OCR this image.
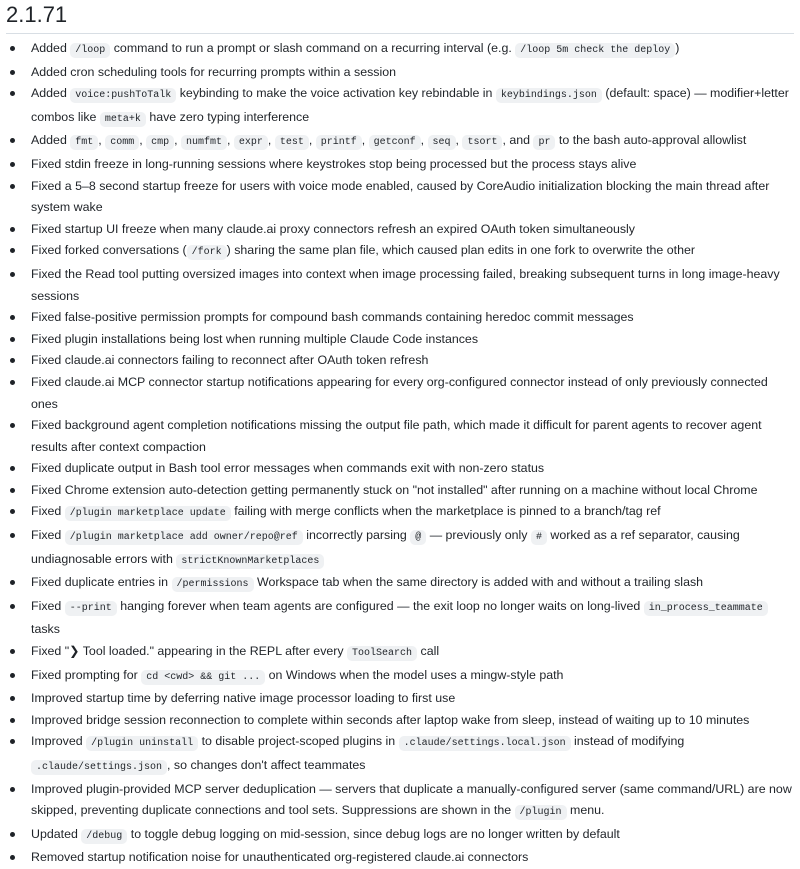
2.1.71
Added /loop command to run a prompt or slash command on a recurring interval (e.g. /loop 5m check the deploy )
Added cron scheduling tools for recurring prompts within a session
Added voice:pushToTalk keybinding to make the voice activation key rebindable in keybindings.json (default: space) — modifier+letter combos like meta+k have zero typing interference
Added fmt , comm , cmp , numfmt , expr , test , printf , getconf , seq , tsort , and pr to the bash auto-approval allowlist
Fixed stdin freeze in long-running sessions where keystrokes stop being processed but the process stays alive
Fixed a 5–8 second startup freeze for users with voice mode enabled, caused by CoreAudio initialization blocking the main thread after system wake
Fixed startup UI freeze when many claude.ai proxy connectors refresh an expired OAuth token simultaneously
Fixed forked conversations ( /fork ) sharing the same plan file, which caused plan edits in one fork to overwrite the other
Fixed the Read tool putting oversized images into context when image processing failed, breaking subsequent turns in long image-heavy sessions
Fixed false-positive permission prompts for compound bash commands containing heredoc commit messages
Fixed plugin installations being lost when running multiple Claude Code instances
Fixed claude.ai connectors failing to reconnect after OAuth token refresh
Fixed claude.ai MCP connector startup notifications appearing for every org-configured connector instead of only previously connected ones
Fixed background agent completion notifications missing the output file path, which made it difficult for parent agents to recover agent results after context compaction
Fixed duplicate output in Bash tool error messages when commands exit with non-zero status
Fixed Chrome extension auto-detection getting permanently stuck on "not installed" after running on a machine without local Chrome
Fixed /plugin marketplace update failing with merge conflicts when the marketplace is pinned to a branch/tag ref
Fixed /plugin marketplace add owner/repo@ref incorrectly parsing @ — previously only # worked as a ref separator, causing undiagnosable errors with strictKnownMarketplaces
Fixed duplicate entries in /permissions Workspace tab when the same directory is added with and without a trailing slash
Fixed --print hanging forever when team agents are configured — the exit loop no longer waits on long-lived in_process_teammate tasks
Fixed "❯ Tool loaded." appearing in the REPL after every ToolSearch call
Fixed prompting for cd <cwd> && git ... on Windows when the model uses a mingw-style path
Improved startup time by deferring native image processor loading to first use
Improved bridge session reconnection to complete within seconds after laptop wake from sleep, instead of waiting up to 10 minutes
Improved /plugin uninstall to disable project-scoped plugins in .claude/settings.local.json instead of modifying .claude/settings.json , so changes don't affect teammates
Improved plugin-provided MCP server deduplication — servers that duplicate a manually-configured server (same command/URL) are now skipped, preventing duplicate connections and tool sets. Suppressions are shown in the /plugin menu.
Updated /debug to toggle debug logging on mid-session, since debug logs are no longer written by default
Removed startup notification noise for unauthenticated org-registered claude.ai connectors
